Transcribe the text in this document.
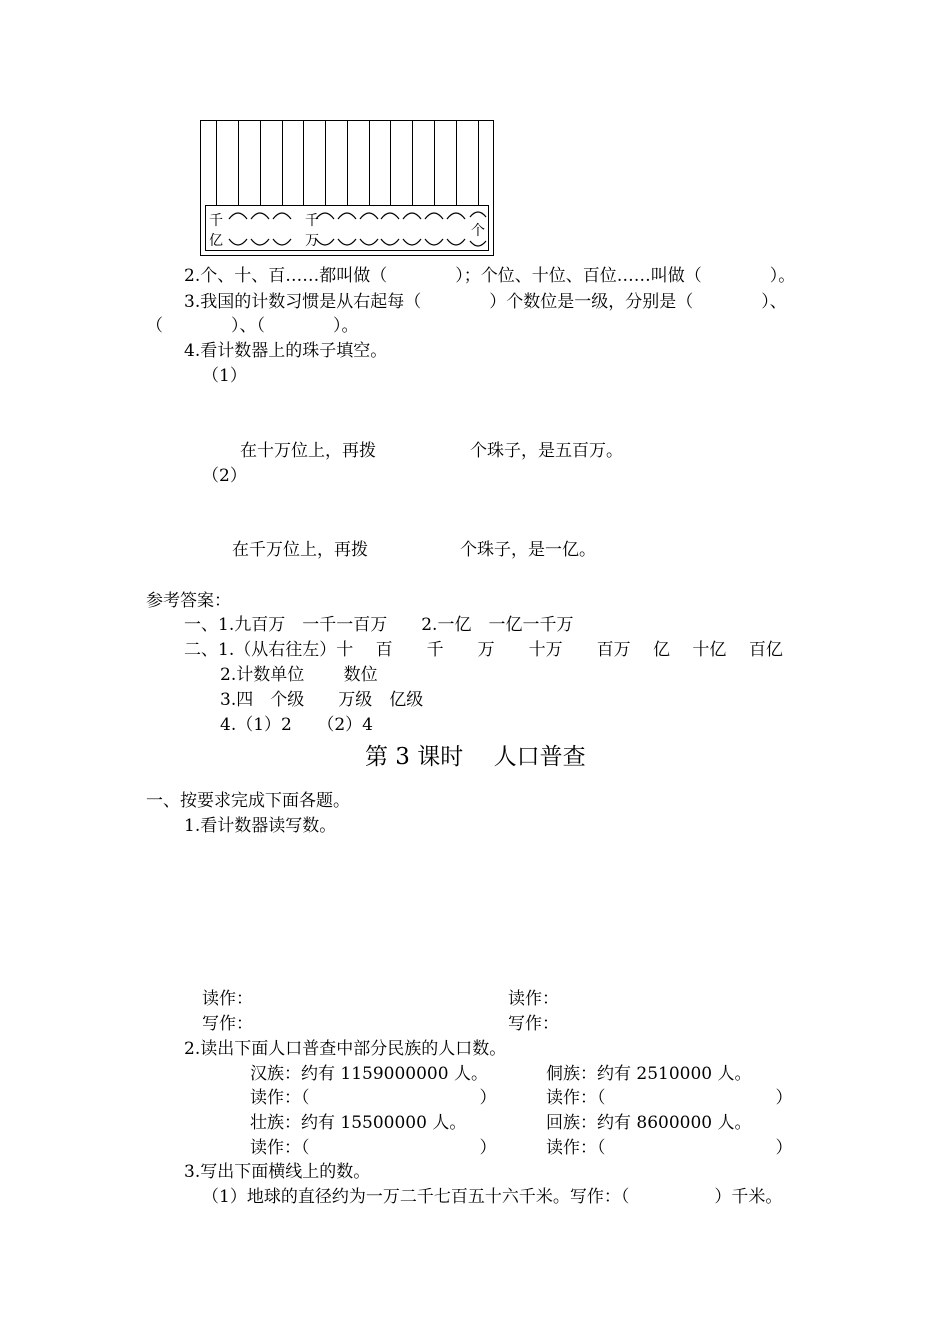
千
亿
千
万
个
2.个、十、百……都叫做（　　　　）；个位、十位、百位……叫做（　　　　）。
3.我国的计数习惯是从右起每（　　　　）个数位是一级，分别是（　　　　）、
（　　　　）、（　　　　）。
4.看计数器上的珠子填空。
（1）
在十万位上，再拨	个珠子，是五百万。
（2）
在千万位上，再拨	个珠子，是一亿。
参考答案：
一、1.九百万　一千一百万　　2.一亿　一亿一千万
二、1.（从右往左）十　 百　　千　　万　　十万　　百万　 亿　 十亿　 百亿
2.计数单位　　 数位
3.四　个级　　万级　亿级
4.（1）2　　（2）4
第 3 课时　 人口普查
一、按要求完成下面各题。
1.看计数器读写数。
读作：
写作：
读作：
写作：
2.读出下面人口普查中部分民族的人口数。
汉族：约有 1159000000 人。	侗族：约有 2510000 人。
读作：（　　　　　　　　　　）	读作：（　　　　　　　　　　）
壮族：约有 15500000 人。	回族：约有 8600000 人。
读作：（　　　　　　　　　　）	读作：（　　　　　　　　　　）
3.写出下面横线上的数。
（1）地球的直径约为一万二千七百五十六千米。写作：（　　　　　）千米。
